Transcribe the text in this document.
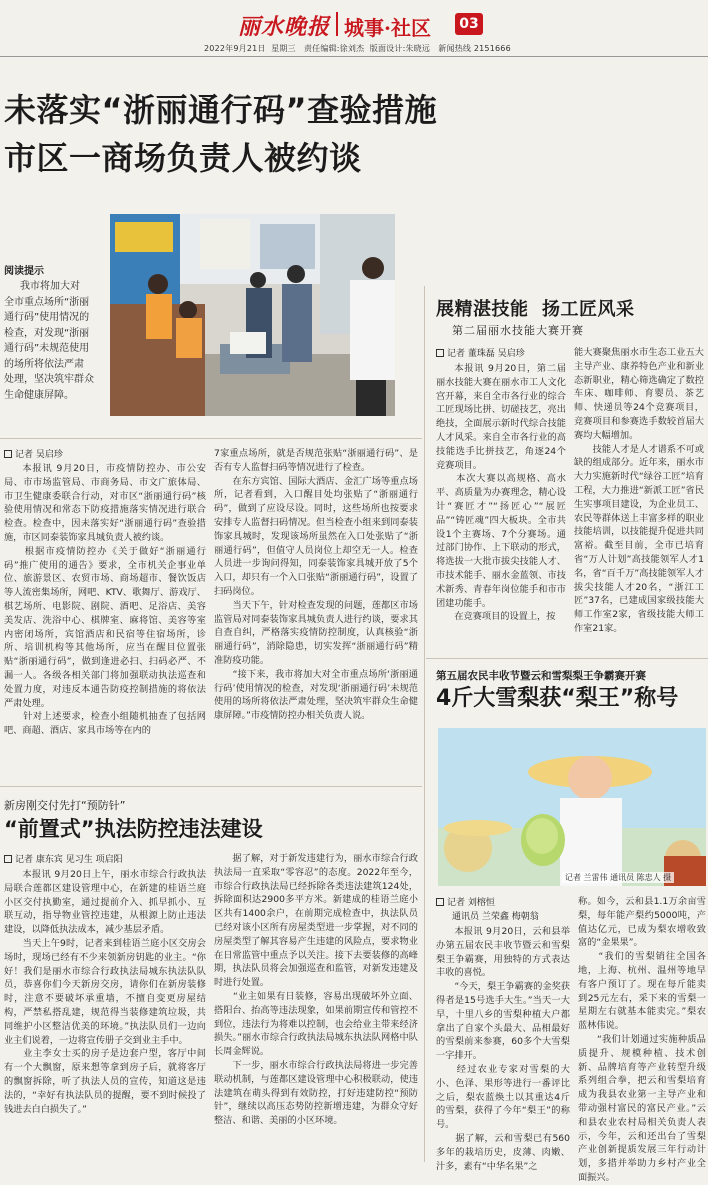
丽水晚报 城事·社区	03
2022年9月21日 星期三 责任编辑:徐刘杰 版面设计:朱晓远 新闻热线 2151666
未落实“浙丽通行码”查验措施
市区一商场负责人被约谈
阅读提示
我市将加大对
全市重点场所“浙丽
通行码”使用情况的
检查，对发现“浙丽
通行码”未规范使用
的场所将依法严肃
处理，坚决筑牢群众
生命健康屏障。
记者 吴启珍
本报讯 9月20日，市疫情防控办、市公安局、市市场监管局、市商务局、市文广旅体局、市卫生健康委联合行动，对市区“浙丽通行码”核验使用情况和常态下防疫措施落实情况进行联合检查。检查中，因未落实好“浙丽通行码”查验措施，市区同泰装饰家具城负责人被约谈。
　　根据市疫情防控办《关于做好“浙丽通行码”推广使用的通告》要求，全市机关企事业单位、旅游景区、农贸市场、商场超市、餐饮饭店等人流密集场所，网吧、KTV、歌舞厅、游戏厅、棋艺场所、电影院、剧院、酒吧、足浴店、美容美发店、洗浴中心、棋牌室、麻将馆、美容等室内密闭场所，宾馆酒店和民宿等住宿场所，诊所、培训机构等其他场所，应当在醒目位置张贴“浙丽通行码”，做到逢进必扫、扫码必严、不漏一人。各级各相关部门将加强联动执法巡查和处置力度，对违反本通告防疫控制措施的将依法严肃处理。
　　针对上述要求，检查小组随机抽查了包括网吧、商超、酒店、家具市场等在内的
7家重点场所，就是否规范张贴“浙丽通行码”、是否有专人监督扫码等情况进行了检查。
　　在东方宾馆、国际大酒店、金汇广场等重点场所，记者看到，入口醒目处均张贴了“浙丽通行码”，做到了应设尽设。同时，这些场所也按要求安排专人监督扫码情况。但当检查小组来到同泰装饰家具城时，发现该场所虽然在入口处张贴了“浙丽通行码”，但值守人员岗位上却空无一人。检查人员进一步询问得知，同泰装饰家具城开放了5个入口，却只有一个入口张贴“浙丽通行码”，设置了扫码岗位。
　　当天下午，针对检查发现的问题，莲都区市场监管局对同泰装饰家具城负责人进行约谈，要求其自查自纠，严格落实疫情防控制度，认真核验“浙丽通行码”，消除隐患，切实发挥“浙丽通行码”精准防疫功能。
　　“接下来，我市将加大对全市重点场所‘浙丽通行码’使用情况的检查，对发现‘浙丽通行码’未规范使用的场所将依法严肃处理，坚决筑牢群众生命健康屏障。”市疫情防控办相关负责人说。
展精湛技能  扬工匠风采
第二届丽水技能大赛开赛
记者 董珠磊 吴启珍
本报讯 9月20日，第二届丽水技能大赛在丽水市工人文化宫开幕，来自全市各行业的综合工匠现场比拼、切磋技艺，亮出绝技，全面展示新时代综合技能人才风采。来自全市各行业的高技能选手比拼技艺，角逐24个竞赛项目。
　　本次大赛以高规格、高水平、高质量为办赛理念，精心设计“赛匠才”“扬匠心”“展匠品”“铸匠魂”四大板块。全市共设1个主赛场、7个分赛场。通过部门协作、上下联动的形式，将选拔一大批市拔尖技能人才、市技术能手、丽水金蓝领、市技术新秀、青春年岗位能手和市市团建功能手。
　　在竞赛项目的设置上，按
能大赛聚焦丽水市生态工业五大主导产业、康养特色产业和新业态新职业，精心筛选确定了数控车床、咖啡师、育婴员、茶艺师、快递员等24个竞赛项目，竞赛项目和参赛选手数较首届大赛均大幅增加。
　　技能人才是人才谱系不可或缺的组成部分。近年来，丽水市大力实施新时代“绿谷工匠”培育工程，大力推进“新派工匠”省民生实事项目建设，为企业员工、农民等群体送上丰富多样的职业技能培训，以技能提升促进共同富裕。截至目前，全市已培育省“万人计划”高技能领军人才1名，省“百千万”高技能领军人才拔尖技能人才20名，“浙江工匠”37名，已建成国家级技能大师工作室2家，省级技能大师工作室21家。
第五届农民丰收节暨云和雪梨梨王争霸赛开赛
4斤大雪梨获“梨王”称号
记者 兰雷伟 通讯员 陈忠人 摄
记者 刘榕恒
通讯员 兰荣鑫 梅朝翁
本报讯 9月20日，云和县举办第五届农民丰收节暨云和雪梨梨王争霸赛，用独特的方式表达丰收的喜悦。
　　“今天，梨王争霸赛的金奖获得者是15号选手大生。”当天一大早，十里八乡的雪梨种植大户都拿出了自家个头最大、品相最好的雪梨前来参赛，60多个大雪梨一字排开。
　　经过农业专家对雪梨的大小、色泽、果形等进行一番评比之后，梨农蓝焕土以其重达4斤的雪梨，获得了今年“梨王”的称号。
　　据了解，云和雪梨已有560多年的栽培历史，皮薄、肉嫩、汁多，素有“中华名果”之
称。如今，云和县1.1万余亩雪梨，每年能产梨约5000吨，产值达亿元，已成为梨农增收致富的“金果果”。
　　“我们的雪梨销往全国各地，上海、杭州、温州等地早有客户预订了。现在每斤能卖到25元左右，采下来的雪梨一星期左右就基本能卖完。”梨农蓝林伟说。
　　“我们计划通过实施种质品质提升、规模种植、技术创新、品牌培育等产业转型升级系列组合拳，把云和雪梨培育成为我县农业第一主导产业和带动强村富民的富民产业。”云和县农业农村局相关负责人表示，今年，云和还出台了雪梨产业创新提质发展三年行动计划，多措并举助力乡村产业全面振兴。
新房刚交付先打“预防针”
“前置式”执法防控违法建设
记者 康东宾 见习生 项启阳
本报讯 9月20日上午，丽水市综合行政执法局联合莲都区建设管理中心，在新建的桂语兰庭小区交付执勤室，通过提前介入、抓早抓小、互联互动，指导物业管控违建，从根源上防止违法建设，以降低执法成本，减少基层矛盾。
　　当天上午9时，记者来到桂语兰庭小区交房会场时，现场已经有不少来领新房钥匙的业主。“你好！我们是丽水市综合行政执法局城东执法队队员，恭喜你们今天新房交房，请你们在新房装修时，注意不要破坏承重墙，不擅自变更房屋结构，严禁私搭乱建，规范得当装修建筑垃圾，共同维护小区整洁优美的环境。”执法队员们一边向业主们说着，一边将宣传册子交到业主手中。
　　业主李女士买的房子是边套户型，客厅中间有一个大飘窗，原来想等拿到房子后，就将客厅的飘窗拆除，听了执法人员的宣传，知道这是违法的，“幸好有执法队员的提醒，要不到时候投了钱进去白白损失了。”
据了解，对于新发违建行为，丽水市综合行政执法局一直采取“零容忍”的态度。2022年至今，市综合行政执法局已经拆除各类违法建筑124处，拆除面积达2900多平方米。新建成的桂语兰庭小区共有1400余户，在前期完成检查中，执法队员已经对该小区所有房屋类型进一步掌握，对不同的房屋类型了解其容易产生违建的风险点，要求物业在日常监管中重点予以关注。接下去要装修的高峰期，执法队员将会加强巡查和监管，对新发违建及时进行处置。
　　“业主如果有日装修，容易出现破坏外立面、搭阳台、抬高等违法现象，如果前期宣传和管控不到位，违法行为将难以控制，也会给业主带来经济损失。”丽水市综合行政执法局城东执法队网格中队长周金辉说。
　　下一步，丽水市综合行政执法局将进一步完善联动机制，与莲都区建设管理中心积极联动，使违法建筑在萌头得到有效防控，打好违建防控“预防针”，继续以高压态势防控新增违建，为群众守好整洁、和谐、美丽的小区环境。
